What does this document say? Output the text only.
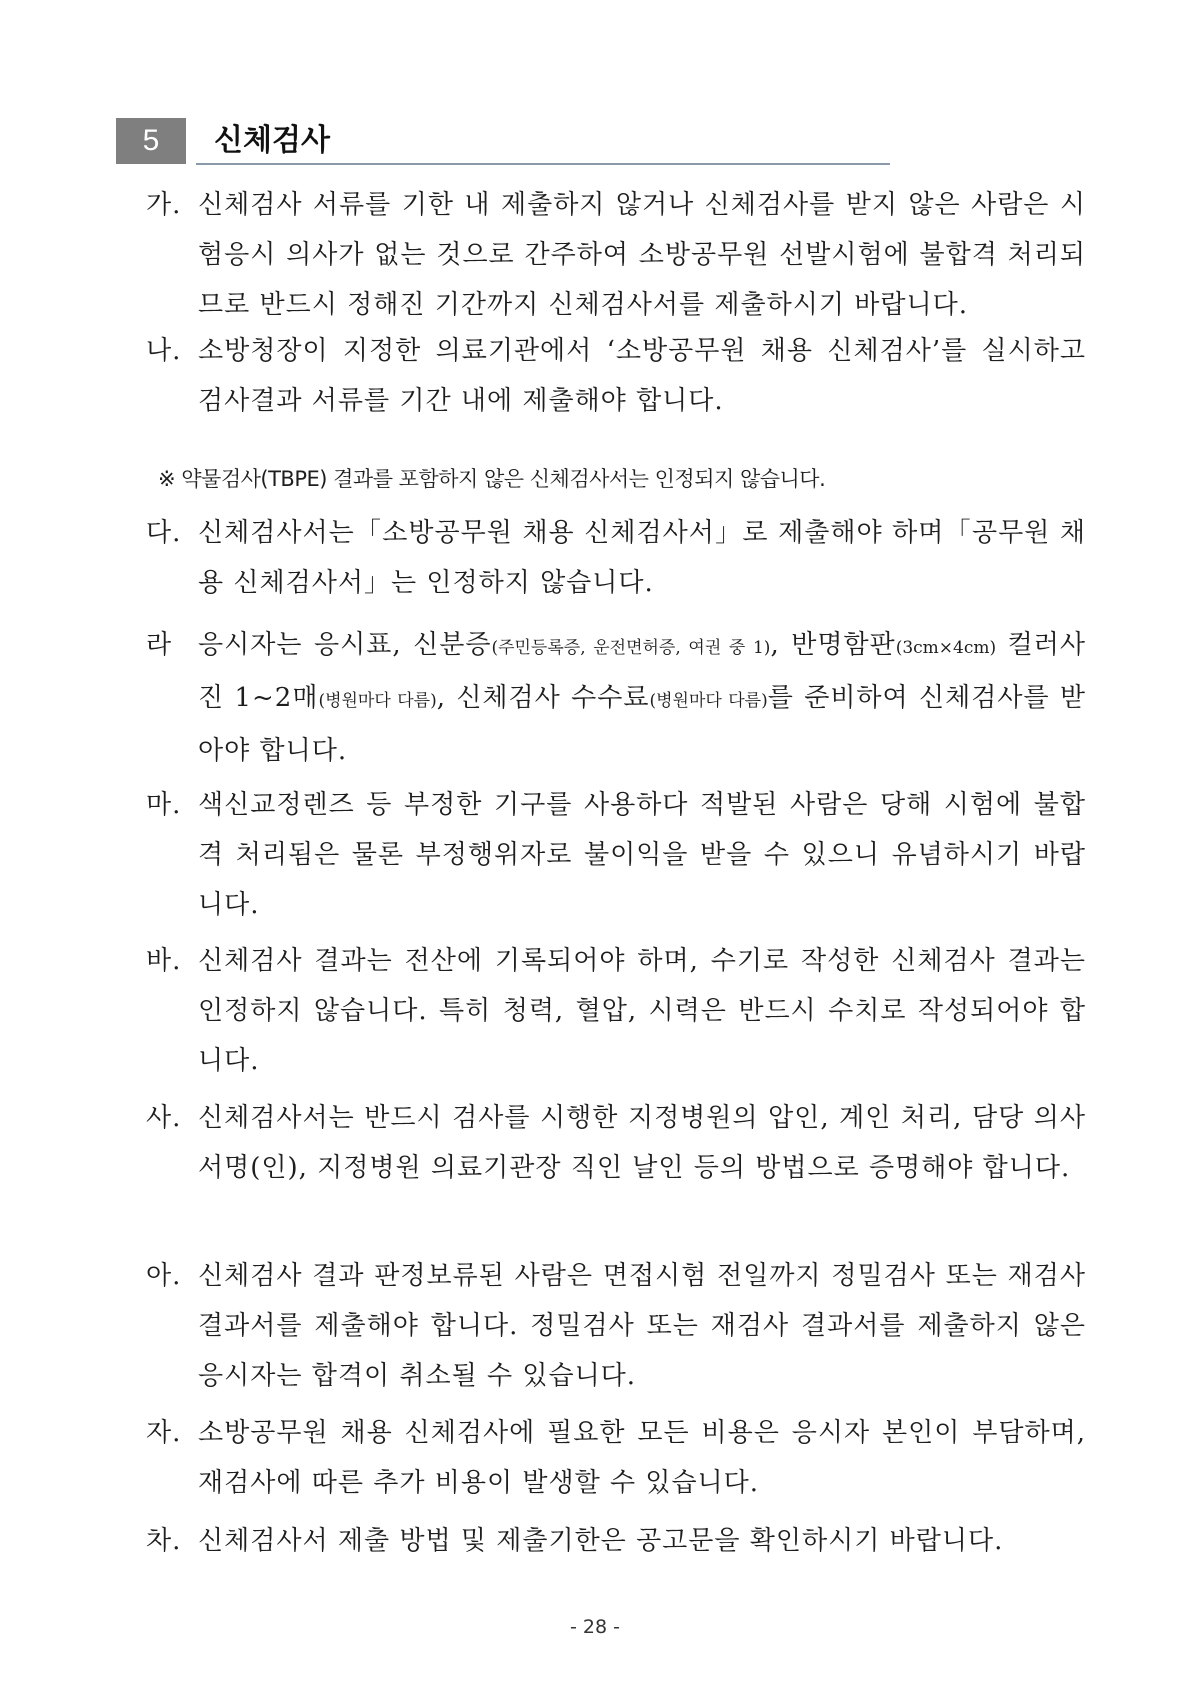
5	신체검사
가. 신체검사 서류를 기한 내 제출하지 않거나 신체검사를 받지 않은 사람은 시험응시 의사가 없는 것으로 간주하여 소방공무원 선발시험에 불합격 처리되므로 반드시 정해진 기간까지 신체검사서를 제출하시기 바랍니다.
나. 소방청장이 지정한 의료기관에서 ‘소방공무원 채용 신체검사’를 실시하고 검사결과 서류를 기간 내에 제출해야 합니다.
※ 약물검사(TBPE) 결과를 포함하지 않은 신체검사서는 인정되지 않습니다.
다. 신체검사서는「소방공무원 채용 신체검사서」로 제출해야 하며「공무원 채용 신체검사서」는 인정하지 않습니다.
라 응시자는 응시표, 신분증(주민등록증, 운전면허증, 여권 중 1), 반명함판(3cm×4cm) 컬러사진 1~2매(병원마다 다름), 신체검사 수수료(병원마다 다름)를 준비하여 신체검사를 받아야 합니다.
마. 색신교정렌즈 등 부정한 기구를 사용하다 적발된 사람은 당해 시험에 불합격 처리됨은 물론 부정행위자로 불이익을 받을 수 있으니 유념하시기 바랍니다.
바. 신체검사 결과는 전산에 기록되어야 하며, 수기로 작성한 신체검사 결과는 인정하지 않습니다. 특히 청력, 혈압, 시력은 반드시 수치로 작성되어야 합니다.
사. 신체검사서는 반드시 검사를 시행한 지정병원의 압인, 계인 처리, 담당 의사 서명(인), 지정병원 의료기관장 직인 날인 등의 방법으로 증명해야 합니다.
아. 신체검사 결과 판정보류된 사람은 면접시험 전일까지 정밀검사 또는 재검사 결과서를 제출해야 합니다. 정밀검사 또는 재검사 결과서를 제출하지 않은 응시자는 합격이 취소될 수 있습니다.
자. 소방공무원 채용 신체검사에 필요한 모든 비용은 응시자 본인이 부담하며, 재검사에 따른 추가 비용이 발생할 수 있습니다.
차. 신체검사서 제출 방법 및 제출기한은 공고문을 확인하시기 바랍니다.
- 28 -
